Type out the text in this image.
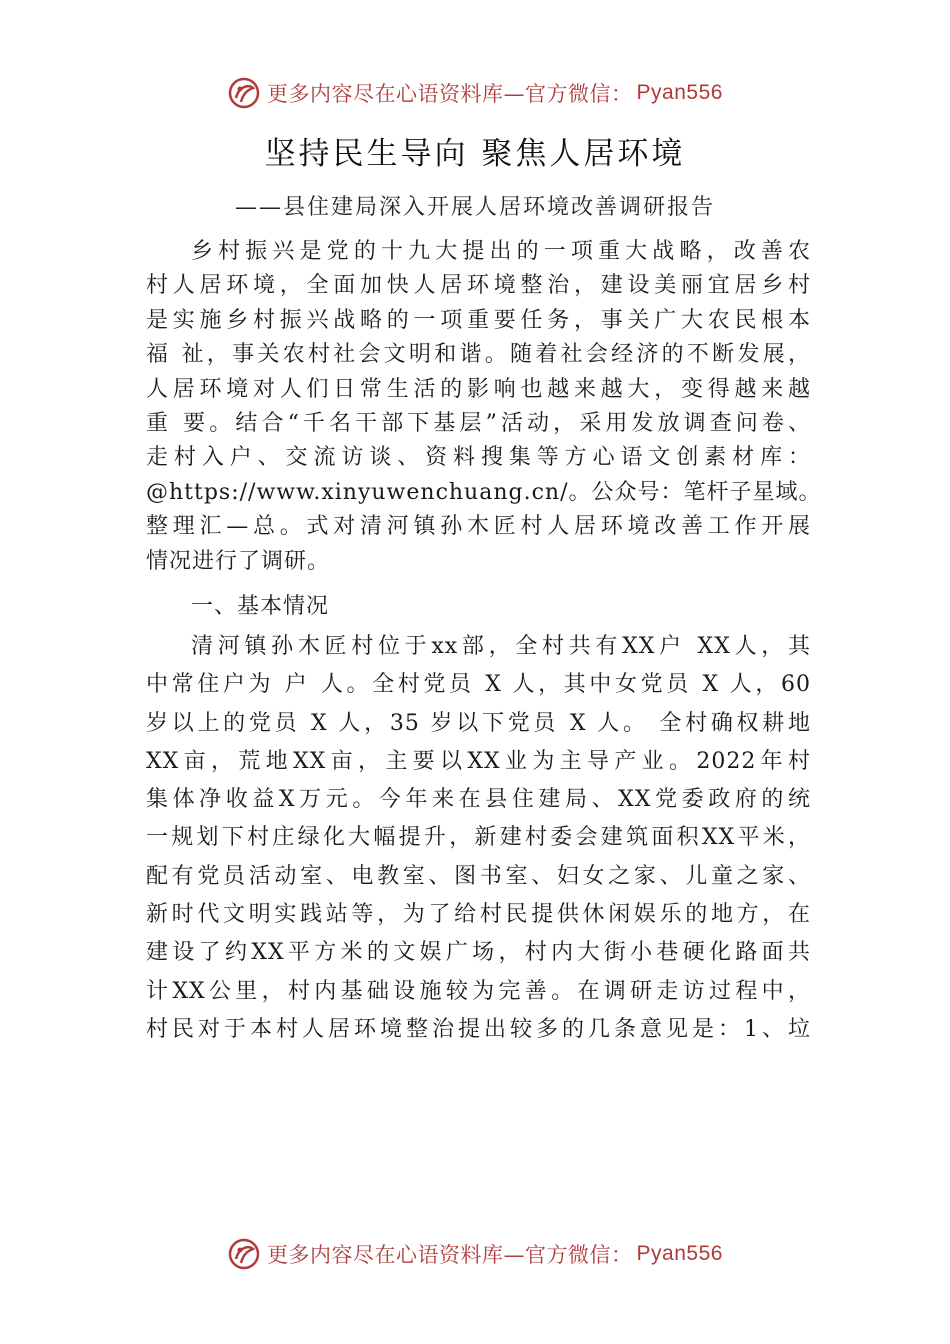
更多内容尽在心语资料库—官方微信： Pyan556
坚持民生导向 聚焦人居环境
——县住建局深入开展人居环境改善调研报告
乡村振兴是党的十九大提出的一项重大战略，改善农
村人居环境，全面加快人居环境整治，建设美丽宜居乡村
是实施乡村振兴战略的一项重要任务，事关广大农民根本
福 祉，事关农村社会文明和谐。随着社会经济的不断发展，
人居环境对人们日常生活的影响也越来越大，变得越来越
重 要。结合“千名干部下基层”活动，采用发放调查问卷、
走村入户、交流访谈、资料搜集等方心语文创素材库：
@https://www.xinyuwenchuang.cn/。公众号：笔杆子星域。
整理汇—总。式对清河镇孙木匠村人居环境改善工作开展
情况进行了调研。
一、基本情况
清河镇孙木匠村位于xx部，全村共有XX户 XX人，其
中常住户为 户 人。全村党员 X 人，其中女党员 X 人，60
岁以上的党员 X 人，35 岁以下党员 X 人。 全村确权耕地
XX亩，荒地XX亩，主要以XX业为主导产业。2022年村
集体净收益X万元。今年来在县住建局、XX党委政府的统
一规划下村庄绿化大幅提升，新建村委会建筑面积XX平米，
配有党员活动室、电教室、图书室、妇女之家、儿童之家、
新时代文明实践站等，为了给村民提供休闲娱乐的地方，在
建设了约XX平方米的文娱广场，村内大街小巷硬化路面共
计XX公里，村内基础设施较为完善。在调研走访过程中，
村民对于本村人居环境整治提出较多的几条意见是：1、垃
更多内容尽在心语资料库—官方微信： Pyan556
